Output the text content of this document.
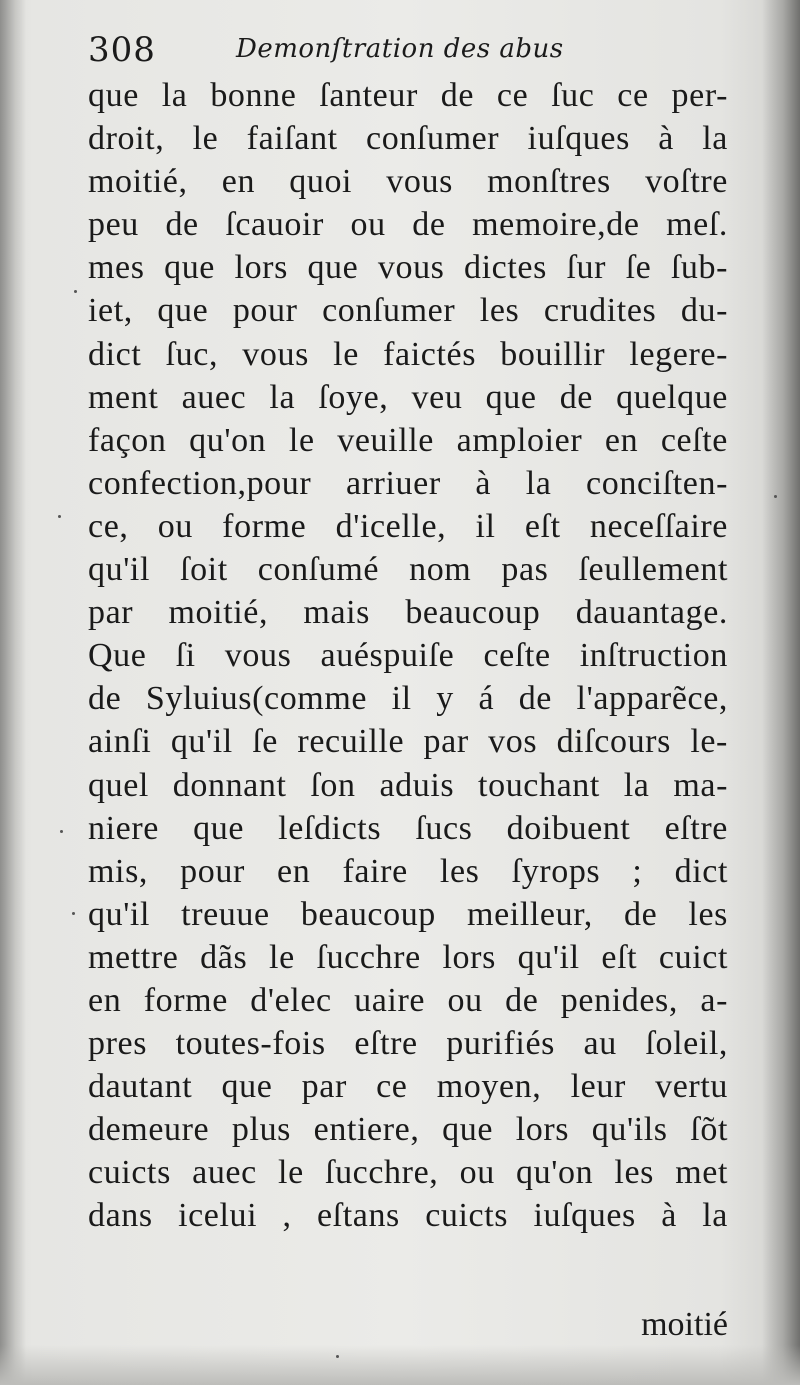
308	Demonſtration des abus
que la bonne ſanteur de ce ſuc ce per-
droit, le faiſant conſumer iuſques à la
moitié, en quoi vous monſtres voſtre
peu de ſcauoir ou de memoire,de meſ.
mes que lors que vous dictes ſur ſe ſub-
iet, que pour conſumer les crudites du-
dict ſuc, vous le faictés bouillir legere-
ment auec la ſoye, veu que de quelque
façon qu'on le veuille amploier en ceſte
confection,pour arriuer à la conciſten-
ce, ou forme d'icelle, il eſt neceſſaire
qu'il ſoit conſumé nom pas ſeullement
par moitié, mais beaucoup dauantage.
Que ſi vous auéspuiſe ceſte inſtruction
de Syluius(comme il y á de l'apparẽce,
ainſi qu'il ſe recuille par vos diſcours le-
quel donnant ſon aduis touchant la ma-
niere que leſdicts ſucs doibuent eſtre
mis, pour en faire les ſyrops ; dict
qu'il treuue beaucoup meilleur, de les
mettre dãs le ſucchre lors qu'il eſt cuict
en forme d'elec uaire ou de penides, a-
pres toutes-fois eſtre purifiés au ſoleil,
dautant que par ce moyen, leur vertu
demeure plus entiere, que lors qu'ils ſõt
cuicts auec le ſucchre, ou qu'on les met
dans icelui , eſtans cuicts iuſques à la
moitié
